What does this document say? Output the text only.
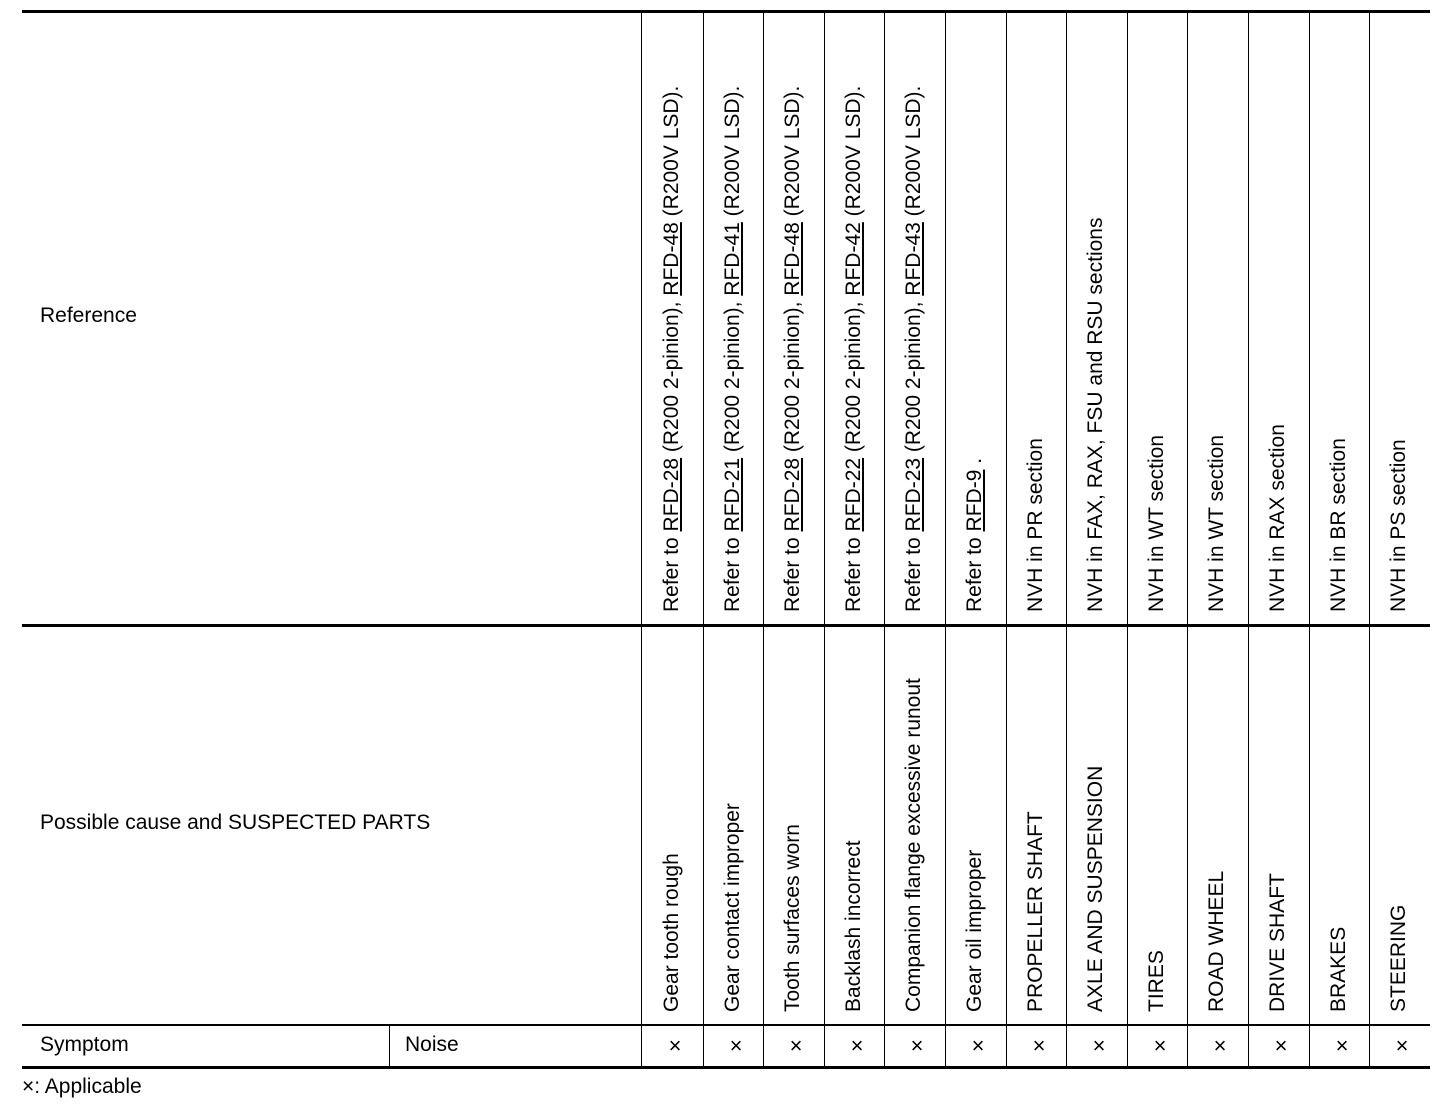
Referencе
Possible cause and SUSPECTED PARTS
Symptom	Noise
Refer to RFD-28 (R200 2-pinion), RFD-48 (R200V LSD).
Gear tooth rough
×
Refer to RFD-21 (R200 2-pinion), RFD-41 (R200V LSD).
Gear contact improper
×
Refer to RFD-28 (R200 2-pinion), RFD-48 (R200V LSD).
Tooth surfaces worn
×
Refer to RFD-22 (R200 2-pinion), RFD-42 (R200V LSD).
Backlash incorrect
×
Refer to RFD-23 (R200 2-pinion), RFD-43 (R200V LSD).
Companion flange excessive runout
×
Refer to RFD-9 .
Gear oil improper
×
NVH in PR section
PROPELLER SHAFT
×
NVH in FAX, RAX, FSU and RSU sections
AXLE AND SUSPENSION
×
NVH in WT section
TIRES
×
NVH in WT section
ROAD WHEEL
×
NVH in RAX section
DRIVE SHAFT
×
NVH in BR section
BRAKES
×
NVH in PS section
STEERING
×
×: Applicable
